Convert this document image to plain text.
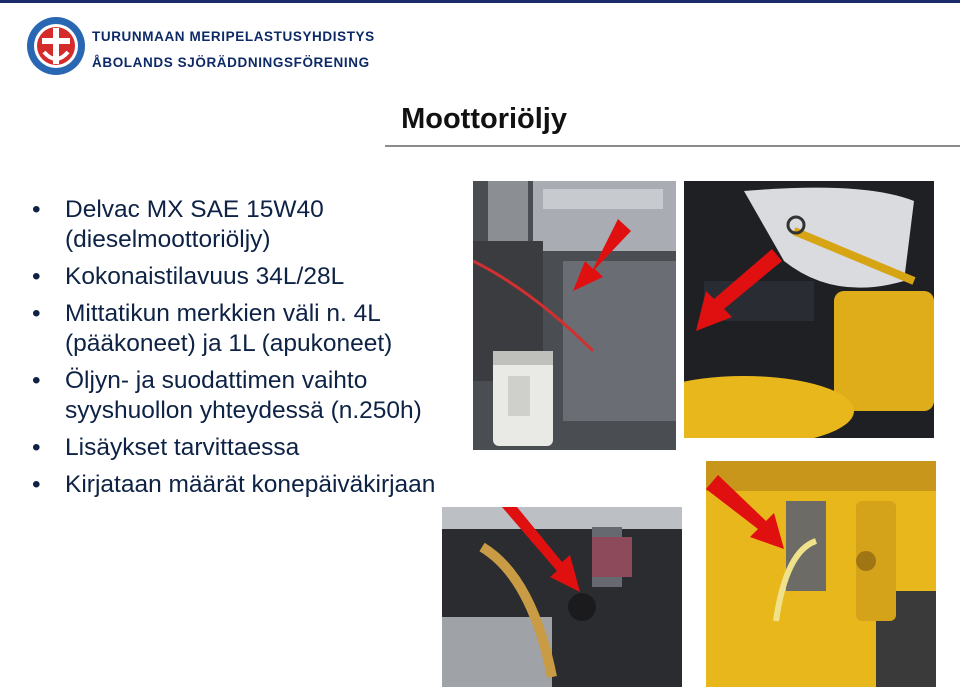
TURUNMAAN MERIPELASTUSYHDISTYS
ÅBOLANDS SJÖRÄDDNINGSFÖRENING
Moottoriöljy
• Delvac MX SAE 15W40 (dieselmoottoriöljy)
• Kokonaistilavuus 34L/28L
• Mittatikun merkkien väli n. 4L (pääkoneet) ja 1L (apukoneet)
• Öljyn- ja suodattimen vaihto syyshuollon yhteydessä (n.250h)
• Lisäykset tarvittaessa
• Kirjataan määrät konepäiväkirjaan
